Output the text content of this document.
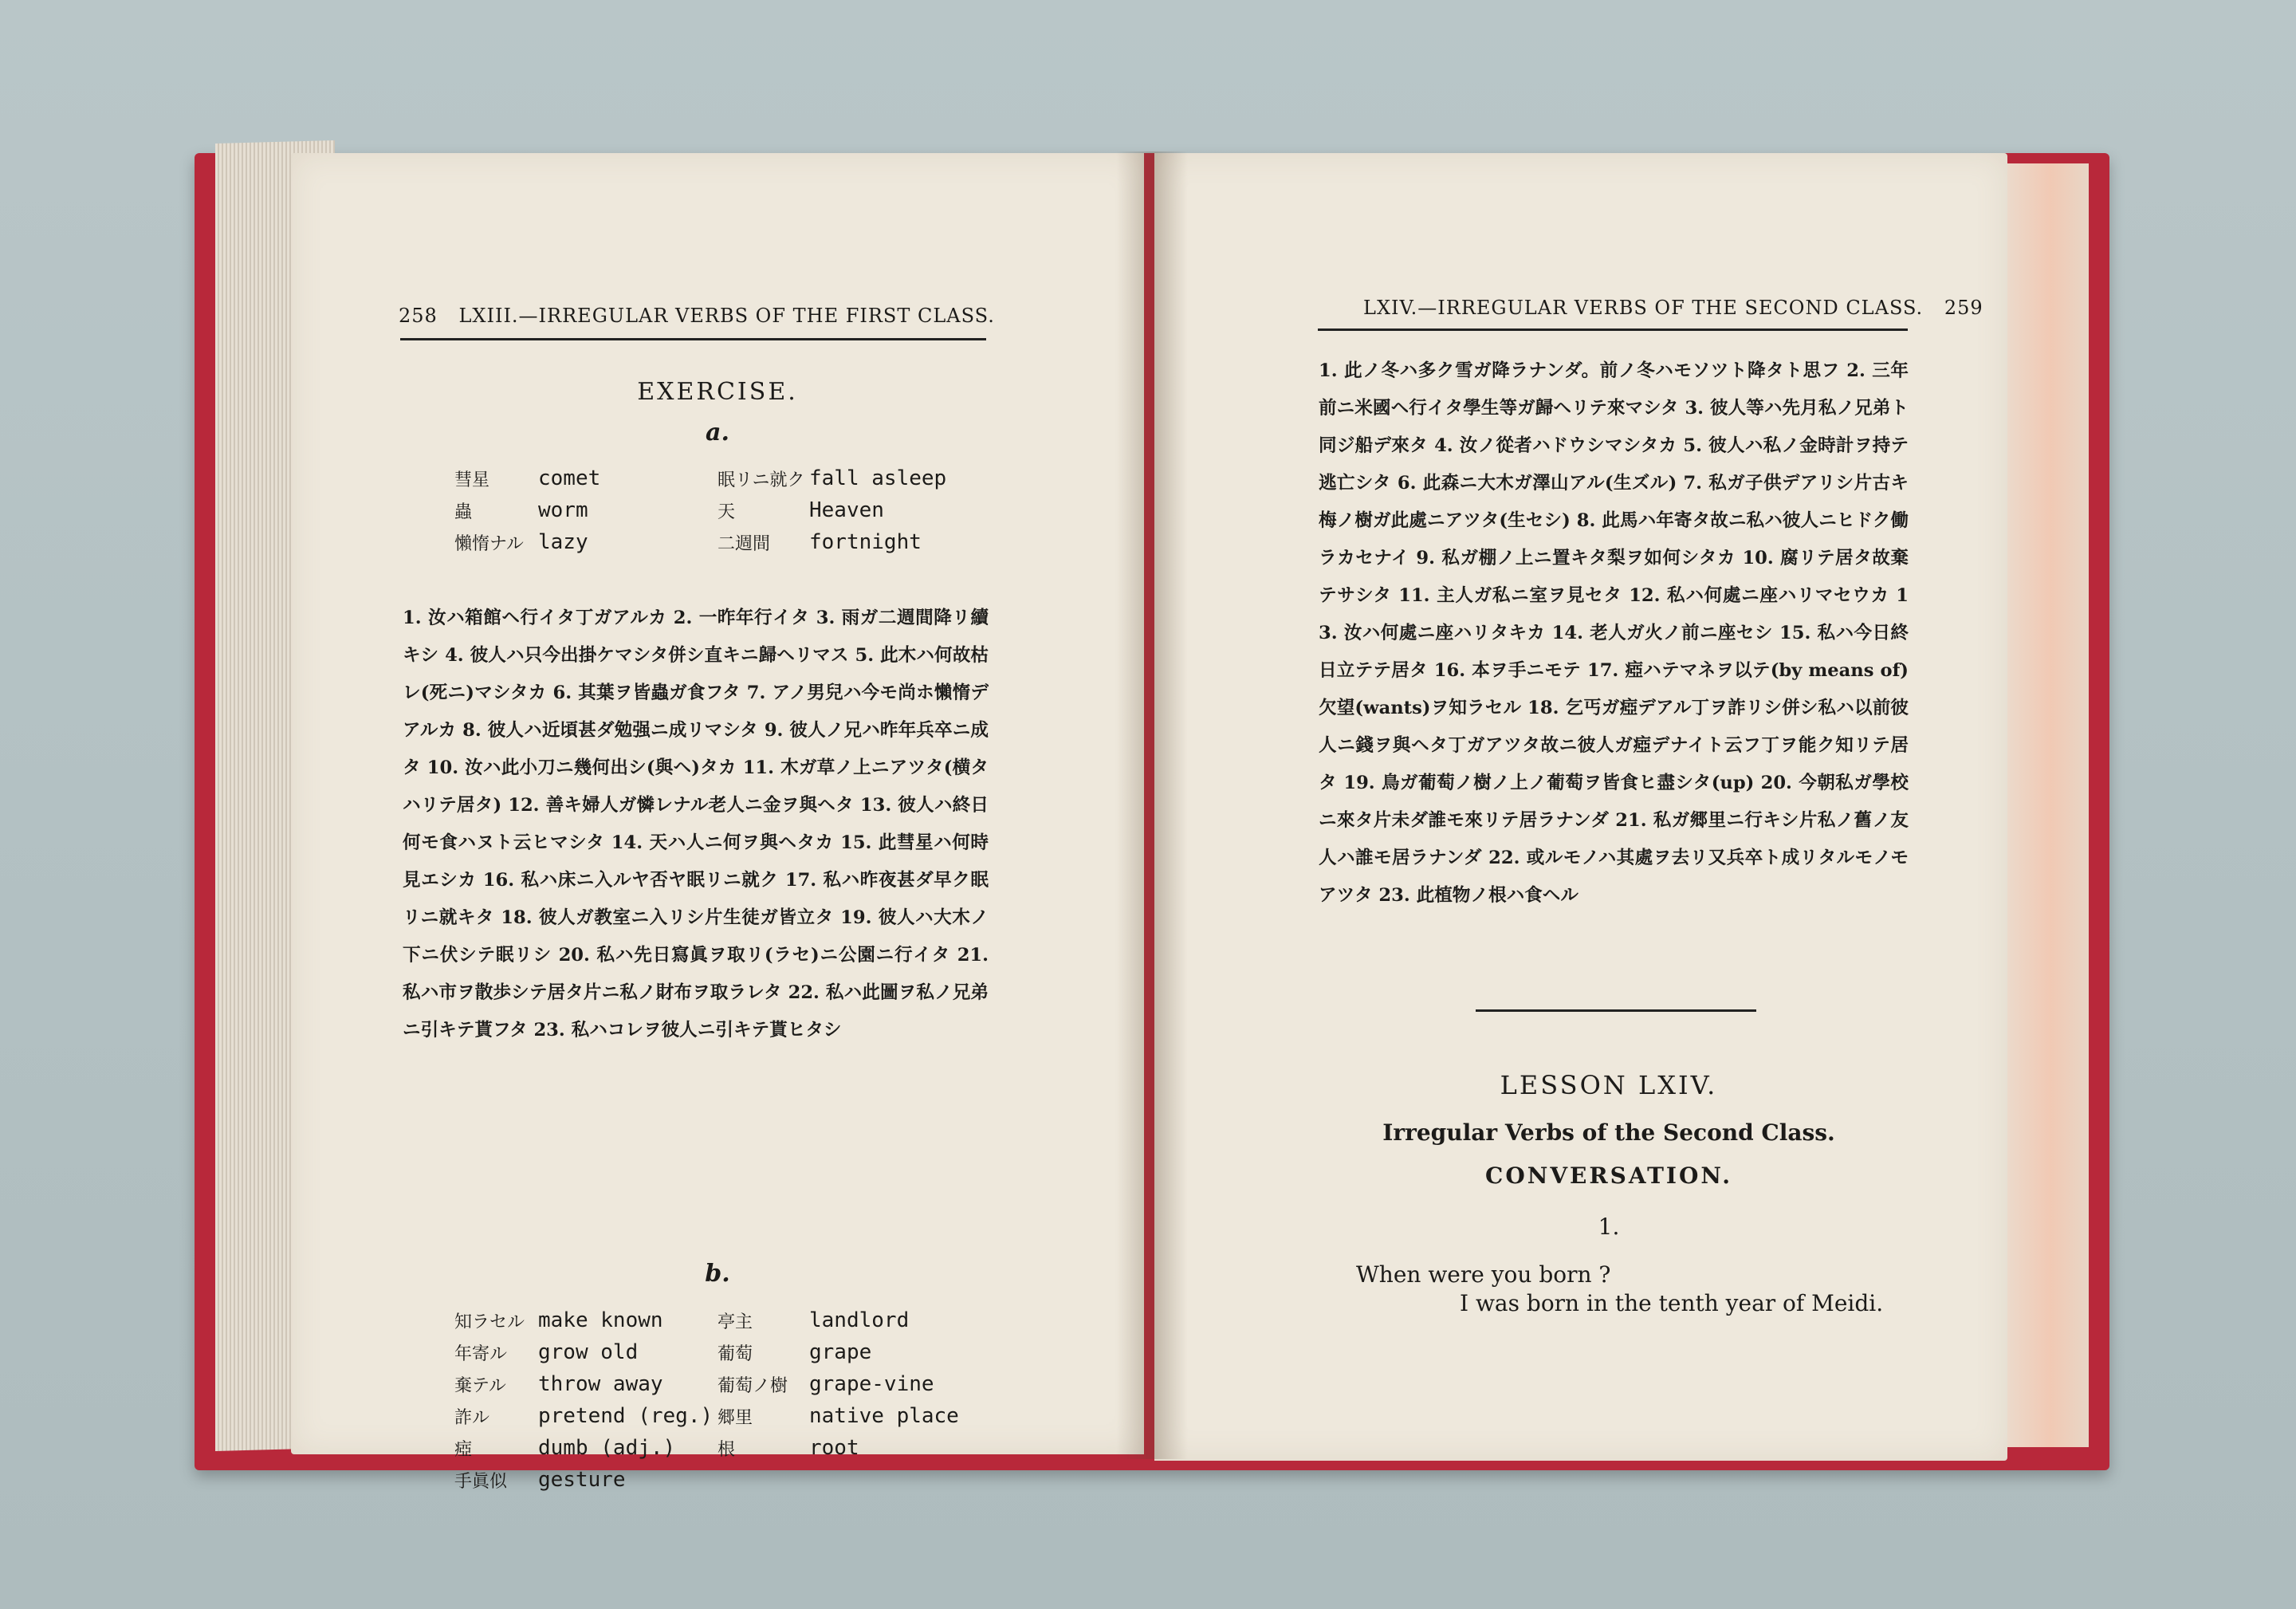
258 LXIII.—IRREGULAR VERBS OF THE FIRST CLASS.
EXERCISE.
a.
彗星	comet	眠リニ就ク fall asleep
蟲	worm	天	Heaven
懶惰ナル lazy	二週間	fortnight
1. 汝ハ箱館ヘ行イタ丁ガアルカ 2. 一昨年行イタ 3. 雨ガ二週間降リ續キシ 4. 彼人ハ只今出掛ケマシタ併シ直キニ歸ヘリマス 5. 此木ハ何故枯レ(死ニ)マシタカ 6. 其葉ヲ皆蟲ガ食フタ 7. アノ男兒ハ今モ尚ホ懶惰デアルカ 8. 彼人ハ近頃甚ダ勉强ニ成リマシタ 9. 彼人ノ兄ハ昨年兵卒ニ成タ 10. 汝ハ此小刀ニ幾何出シ(與ヘ)タカ 11. 木ガ草ノ上ニアツタ(横タハリテ居タ) 12. 善キ婦人ガ憐レナル老人ニ金ヲ與ヘタ 13. 彼人ハ終日何モ食ハヌト云ヒマシタ 14. 天ハ人ニ何ヲ與ヘタカ 15. 此彗星ハ何時見エシカ 16. 私ハ床ニ入ルヤ否ヤ眠リニ就ク 17. 私ハ昨夜甚ダ早ク眠リニ就キタ 18. 彼人ガ教室ニ入リシ片生徒ガ皆立タ 19. 彼人ハ大木ノ下ニ伏シテ眠リシ 20. 私ハ先日寫眞ヲ取リ(ラセ)ニ公園ニ行イタ 21. 私ハ市ヲ散歩シテ居タ片ニ私ノ財布ヲ取ラレタ 22. 私ハ此圖ヲ私ノ兄弟ニ引キテ貰フタ 23. 私ハコレヲ彼人ニ引キテ貰ヒタシ
b.
知ラセル make known	亭主	landlord
年寄ル	grow old	葡萄	grape
棄テル	throw away	葡萄ノ樹	grape-vine
詐ル	pretend (reg.) 郷里	native place
瘂	dumb (adj.)	根	root
手眞似	gesture
LXIV.—IRREGULAR VERBS OF THE SECOND CLASS. 259
1. 此ノ冬ハ多ク雪ガ降ラナンダ。前ノ冬ハモソツト降タト思フ 2. 三年前ニ米國ヘ行イタ學生等ガ歸ヘリテ來マシタ 3. 彼人等ハ先月私ノ兄弟ト同ジ船デ來タ 4. 汝ノ從者ハドウシマシタカ 5. 彼人ハ私ノ金時計ヲ持テ逃亡シタ 6. 此森ニ大木ガ澤山アル(生ズル) 7. 私ガ子供デアリシ片古キ梅ノ樹ガ此處ニアツタ(生セシ) 8. 此馬ハ年寄タ故ニ私ハ彼人ニヒドク働ラカセナイ 9. 私ガ棚ノ上ニ置キタ梨ヲ如何シタカ 10. 腐リテ居タ故棄テサシタ 11. 主人ガ私ニ室ヲ見セタ 12. 私ハ何處ニ座ハリマセウカ 13. 汝ハ何處ニ座ハリタキカ 14. 老人ガ火ノ前ニ座セシ 15. 私ハ今日終日立テテ居タ 16. 本ヲ手ニモテ 17. 瘂ハテマネヲ以テ(by means of)欠望(wants)ヲ知ラセル 18. 乞丐ガ瘂デアル丁ヲ詐リシ併シ私ハ以前彼人ニ錢ヲ與ヘタ丁ガアツタ故ニ彼人ガ瘂デナイト云フ丁ヲ能ク知リテ居タ 19. 鳥ガ葡萄ノ樹ノ上ノ葡萄ヲ皆食ヒ盡シタ(up) 20. 今朝私ガ學校ニ來タ片未ダ誰モ來リテ居ラナンダ 21. 私ガ郷里ニ行キシ片私ノ舊ノ友人ハ誰モ居ラナンダ 22. 或ルモノハ其處ヲ去リ又兵卒ト成リタルモノモアツタ 23. 此植物ノ根ハ食ヘル
LESSON LXIV.
Irregular Verbs of the Second Class.
CONVERSATION.
1.
When were you born ?
I was born in the tenth year of Meidi.
